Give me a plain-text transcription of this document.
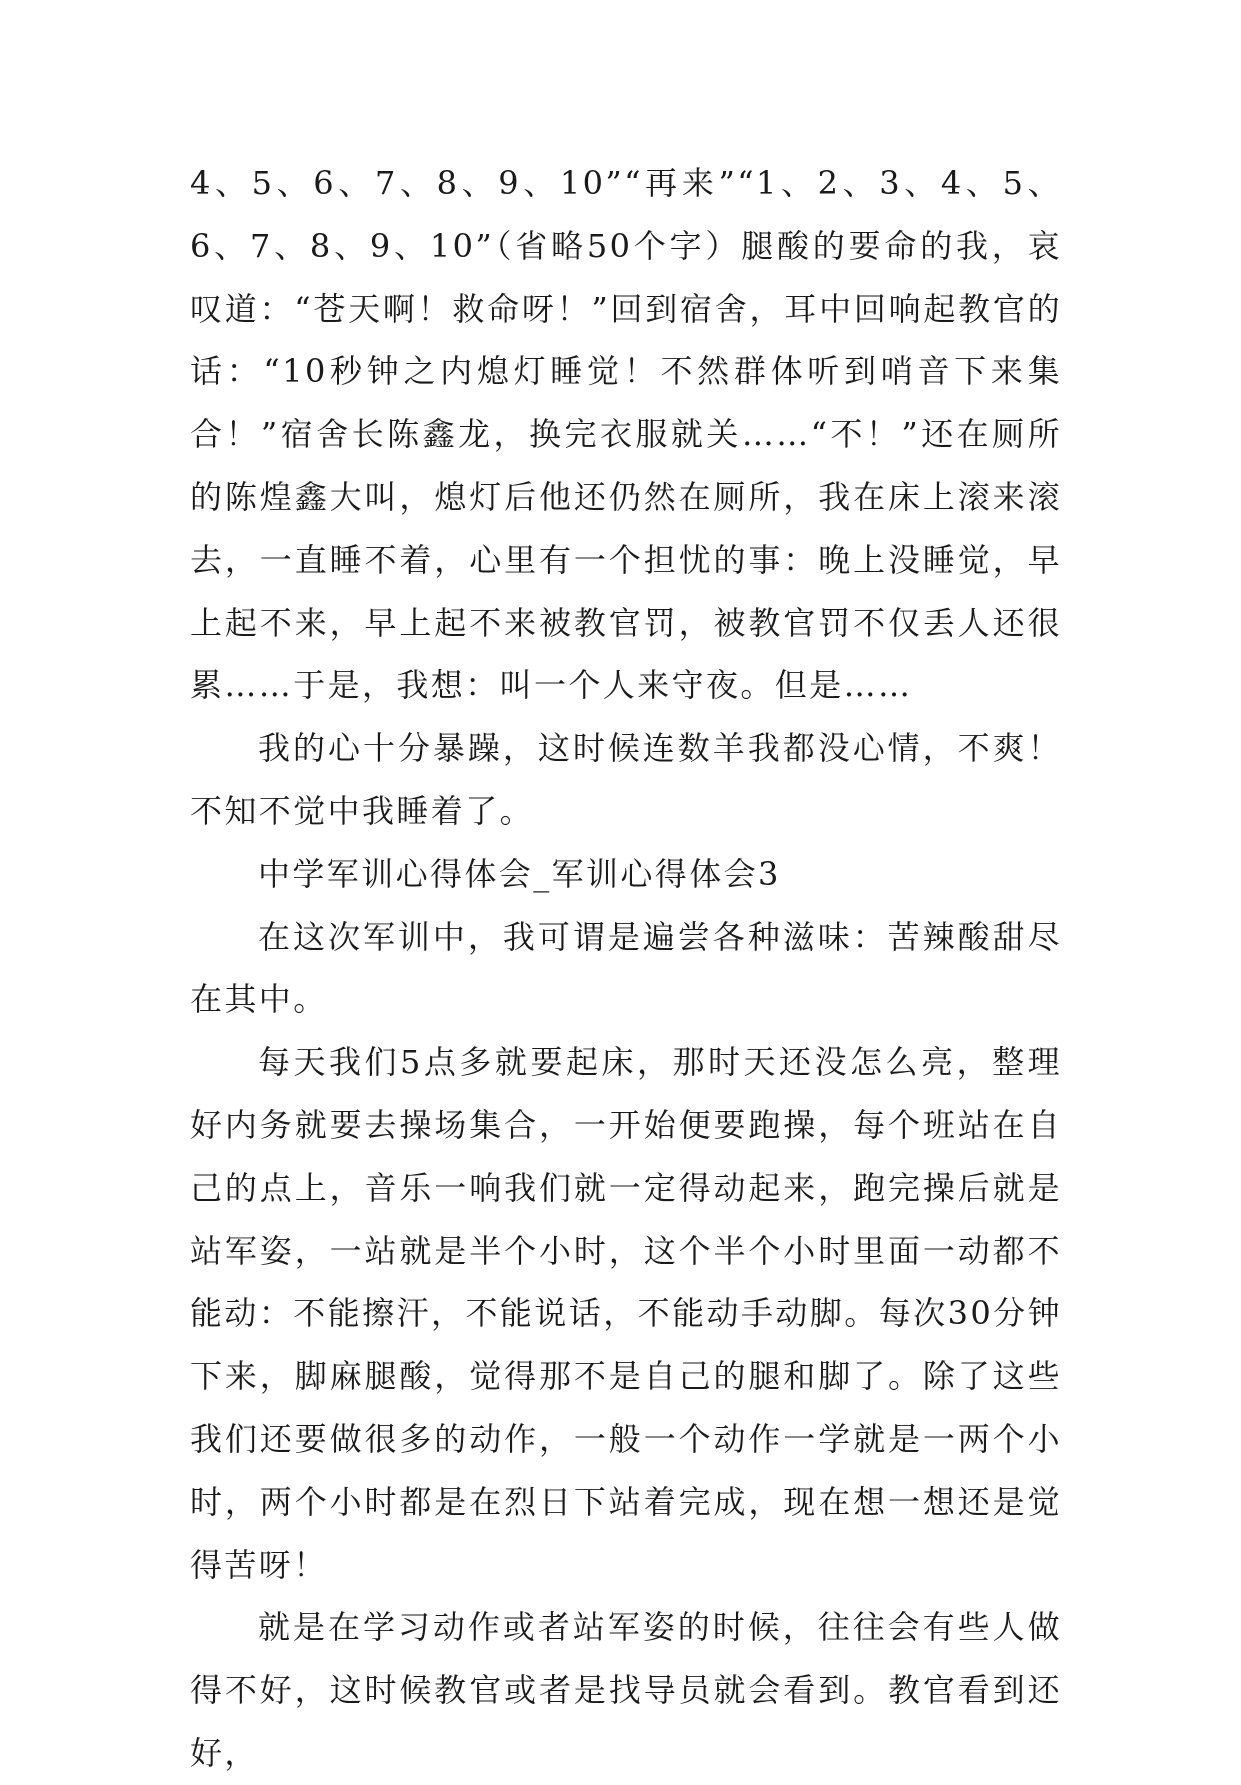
4、5、6、7、8、9、10”“再来”“1、2、3、4、5、6、7、8、9、10”（省略50个字）腿酸的要命的我，哀叹道：“苍天啊！救命呀！”回到宿舍，耳中回响起教官的话：“10秒钟之内熄灯睡觉！不然群体听到哨音下来集合！”宿舍长陈鑫龙，换完衣服就关……“不！”还在厕所的陈煌鑫大叫，熄灯后他还仍然在厕所，我在床上滚来滚去，一直睡不着，心里有一个担忧的事：晚上没睡觉，早上起不来，早上起不来被教官罚，被教官罚不仅丢人还很累……于是，我想：叫一个人来守夜。但是……

我的心十分暴躁，这时候连数羊我都没心情，不爽！不知不觉中我睡着了。

中学军训心得体会_军训心得体会3

在这次军训中，我可谓是遍尝各种滋味：苦辣酸甜尽在其中。

每天我们5点多就要起床，那时天还没怎么亮，整理好内务就要去操场集合，一开始便要跑操，每个班站在自己的点上，音乐一响我们就一定得动起来，跑完操后就是站军姿，一站就是半个小时，这个半个小时里面一动都不能动：不能擦汗，不能说话，不能动手动脚。每次30分钟下来，脚麻腿酸，觉得那不是自己的腿和脚了。除了这些我们还要做很多的动作，一般一个动作一学就是一两个小时，两个小时都是在烈日下站着完成，现在想一想还是觉得苦呀！

就是在学习动作或者站军姿的时候，往往会有些人做得不好，这时候教官或者是找导员就会看到。教官看到还好，
